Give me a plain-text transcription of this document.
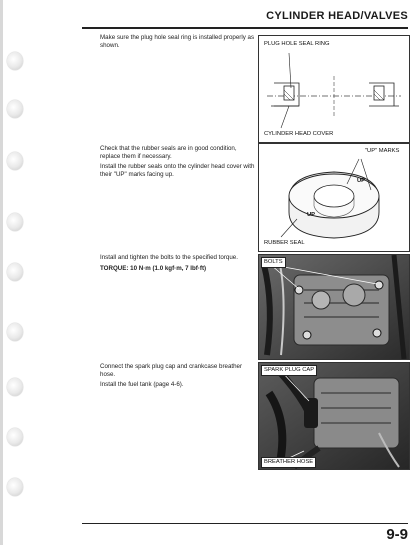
CYLINDER HEAD/VALVES

Make sure the plug hole seal ring is installed properly as shown.	PLUG HOLE SEAL RING
CYLINDER HEAD COVER

Check that the rubber seals are in good condition, replace them if necessary.

Install the rubber seals onto the cylinder head cover with their "UP" marks facing up.

UP
UP
"UP" MARKS
RUBBER SEAL

Install and tighten the bolts to the specified torque.

TORQUE: 10 N·m (1.0 kgf·m, 7 lbf·ft)

BOLTS

Connect the spark plug cap and crankcase breather hose.

Install the fuel tank (page 4-6).

SPARK PLUG CAP
BREATHER HOSE
9-9
